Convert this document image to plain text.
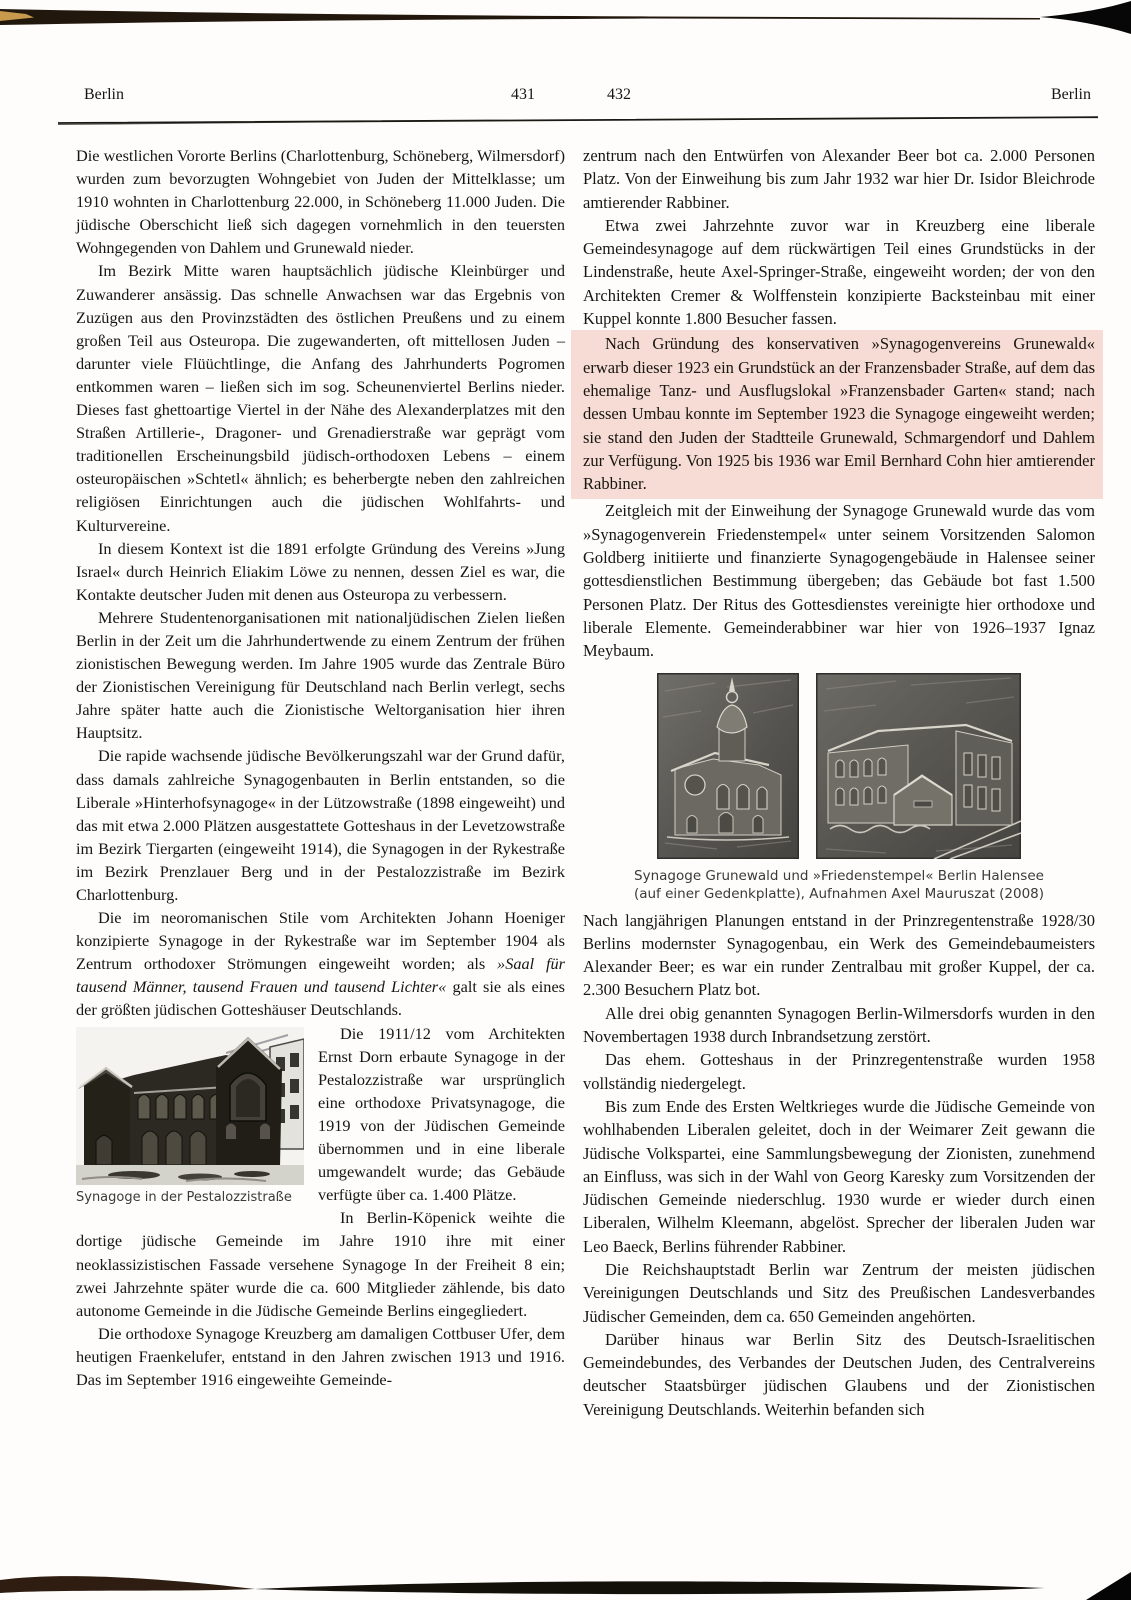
Berlin	431	432	Berlin

Die westlichen Vororte Berlins (Charlottenburg, Schöneberg, Wilmersdorf) wurden zum bevorzugten Wohngebiet von Juden der Mittelklasse; um 1910 wohnten in Charlottenburg 22.000, in Schöneberg 11.000 Juden. Die jüdische Oberschicht ließ sich dagegen vornehmlich in den teuersten Wohngegenden von Dahlem und Grunewald nieder.

Im Bezirk Mitte waren hauptsächlich jüdische Kleinbürger und Zuwanderer ansässig. Das schnelle Anwachsen war das Ergebnis von Zuzügen aus den Provinzstädten des östlichen Preußens und zu einem großen Teil aus Osteuropa. Die zugewanderten, oft mittellosen Juden – darunter viele Flüüchtlinge, die Anfang des Jahrhunderts Pogromen entkommen waren – ließen sich im sog. Scheunenviertel Berlins nieder. Dieses fast ghettoartige Viertel in der Nähe des Alexanderplatzes mit den Straßen Artillerie-, Dragoner- und Grenadierstraße war geprägt vom traditionellen Erscheinungsbild jüdisch-orthodoxen Lebens – einem osteuropäischen »Schtetl« ähnlich; es beherbergte neben den zahlreichen religiösen Einrichtungen auch die jüdischen Wohlfahrts- und Kulturvereine.

In diesem Kontext ist die 1891 erfolgte Gründung des Vereins »Jung Israel« durch Heinrich Eliakim Löwe zu nennen, dessen Ziel es war, die Kontakte deutscher Juden mit denen aus Osteuropa zu verbessern.

Mehrere Studentenorganisationen mit nationaljüdischen Zielen ließen Berlin in der Zeit um die Jahrhundertwende zu einem Zentrum der frühen zionistischen Bewegung werden. Im Jahre 1905 wurde das Zentrale Büro der Zionistischen Vereinigung für Deutschland nach Berlin verlegt, sechs Jahre später hatte auch die Zionistische Weltorganisation hier ihren Hauptsitz.

Die rapide wachsende jüdische Bevölkerungszahl war der Grund dafür, dass damals zahlreiche Synagogenbauten in Berlin entstanden, so die Liberale »Hinterhofsynagoge« in der Lützowstraße (1898 eingeweiht) und das mit etwa 2.000 Plätzen ausgestattete Gotteshaus in der Levetzowstraße im Bezirk Tiergarten (eingeweiht 1914), die Synagogen in der Rykestraße im Bezirk Prenzlauer Berg und in der Pestalozzistraße im Bezirk Charlottenburg.

Die im neoromanischen Stile vom Architekten Johann Hoeniger konzipierte Synagoge in der Rykestraße war im September 1904 als Zentrum orthodoxer Strömungen eingeweiht worden; als »Saal für tausend Männer, tausend Frauen und tausend Lichter« galt sie als eines der größten jüdischen Gotteshäuser Deutschlands.

Synagoge in der Pestalozzistraße

Die 1911/12 vom Architekten Ernst Dorn erbaute Synagoge in der Pestalozzistraße war ursprünglich eine orthodoxe Privatsynagoge, die 1919 von der Jüdischen Gemeinde übernommen und in eine liberale umgewandelt wurde; das Gebäude verfügte über ca. 1.400 Plätze.

In Berlin-Köpenick weihte die dortige jüdische Gemeinde im Jahre 1910 ihre mit einer neoklassizistischen Fassade versehene Synagoge In der Freiheit 8 ein; zwei Jahrzehnte später wurde die ca. 600 Mitglieder zählende, bis dato autonome Gemeinde in die Jüdische Gemeinde Berlins eingegliedert.

Die orthodoxe Synagoge Kreuzberg am damaligen Cottbuser Ufer, dem heutigen Fraenkelufer, entstand in den Jahren zwischen 1913 und 1916. Das im September 1916 eingeweihte Gemeinde-

zentrum nach den Entwürfen von Alexander Beer bot ca. 2.000 Personen Platz. Von der Einweihung bis zum Jahr 1932 war hier Dr. Isidor Bleichrode amtierender Rabbiner.

Etwa zwei Jahrzehnte zuvor war in Kreuzberg eine liberale Gemeindesynagoge auf dem rückwärtigen Teil eines Grundstücks in der Lindenstraße, heute Axel-Springer-Straße, eingeweiht worden; der von den Architekten Cremer & Wolffenstein konzipierte Backsteinbau mit einer Kuppel konnte 1.800 Besucher fassen.

Nach Gründung des konservativen »Synagogenvereins Grunewald« erwarb dieser 1923 ein Grundstück an der Franzensbader Straße, auf dem das ehemalige Tanz- und Ausflugslokal »Franzensbader Garten« stand; nach dessen Umbau konnte im September 1923 die Synagoge eingeweiht werden; sie stand den Juden der Stadtteile Grunewald, Schmargendorf und Dahlem zur Verfügung. Von 1925 bis 1936 war Emil Bernhard Cohn hier amtierender Rabbiner.

Zeitgleich mit der Einweihung der Synagoge Grunewald wurde das vom »Synagogenverein Friedenstempel« unter seinem Vorsitzenden Salomon Goldberg initiierte und finanzierte Synagogengebäude in Halensee seiner gottesdienstlichen Bestimmung übergeben; das Gebäude bot fast 1.500 Personen Platz. Der Ritus des Gottesdienstes vereinigte hier orthodoxe und liberale Elemente. Gemeinderabbiner war hier von 1926–1937 Ignaz Meybaum.

Synagoge Grunewald und »Friedenstempel« Berlin Halensee
(auf einer Gedenkplatte), Aufnahmen Axel Mauruszat (2008)

Nach langjährigen Planungen entstand in der Prinzregentenstraße 1928/30 Berlins modernster Synagogenbau, ein Werk des Gemeindebaumeisters Alexander Beer; es war ein runder Zentralbau mit großer Kuppel, der ca. 2.300 Besuchern Platz bot.

Alle drei obig genannten Synagogen Berlin-Wilmersdorfs wurden in den Novembertagen 1938 durch Inbrandsetzung zerstört.

Das ehem. Gotteshaus in der Prinzregentenstraße wurden 1958 vollständig niedergelegt.

Bis zum Ende des Ersten Weltkrieges wurde die Jüdische Gemeinde von wohlhabenden Liberalen geleitet, doch in der Weimarer Zeit gewann die Jüdische Volkspartei, eine Sammlungsbewegung der Zionisten, zunehmend an Einfluss, was sich in der Wahl von Georg Karesky zum Vorsitzenden der Jüdischen Gemeinde niederschlug. 1930 wurde er wieder durch einen Liberalen, Wilhelm Kleemann, abgelöst. Sprecher der liberalen Juden war Leo Baeck, Berlins führender Rabbiner.

Die Reichshauptstadt Berlin war Zentrum der meisten jüdischen Vereinigungen Deutschlands und Sitz des Preußischen Landesverbandes Jüdischer Gemeinden, dem ca. 650 Gemeinden angehörten.

Darüber hinaus war Berlin Sitz des Deutsch-Israelitischen Gemeindebundes, des Verbandes der Deutschen Juden, des Centralvereins deutscher Staatsbürger jüdischen Glaubens und der Zionistischen Vereinigung Deutschlands. Weiterhin befanden sich
